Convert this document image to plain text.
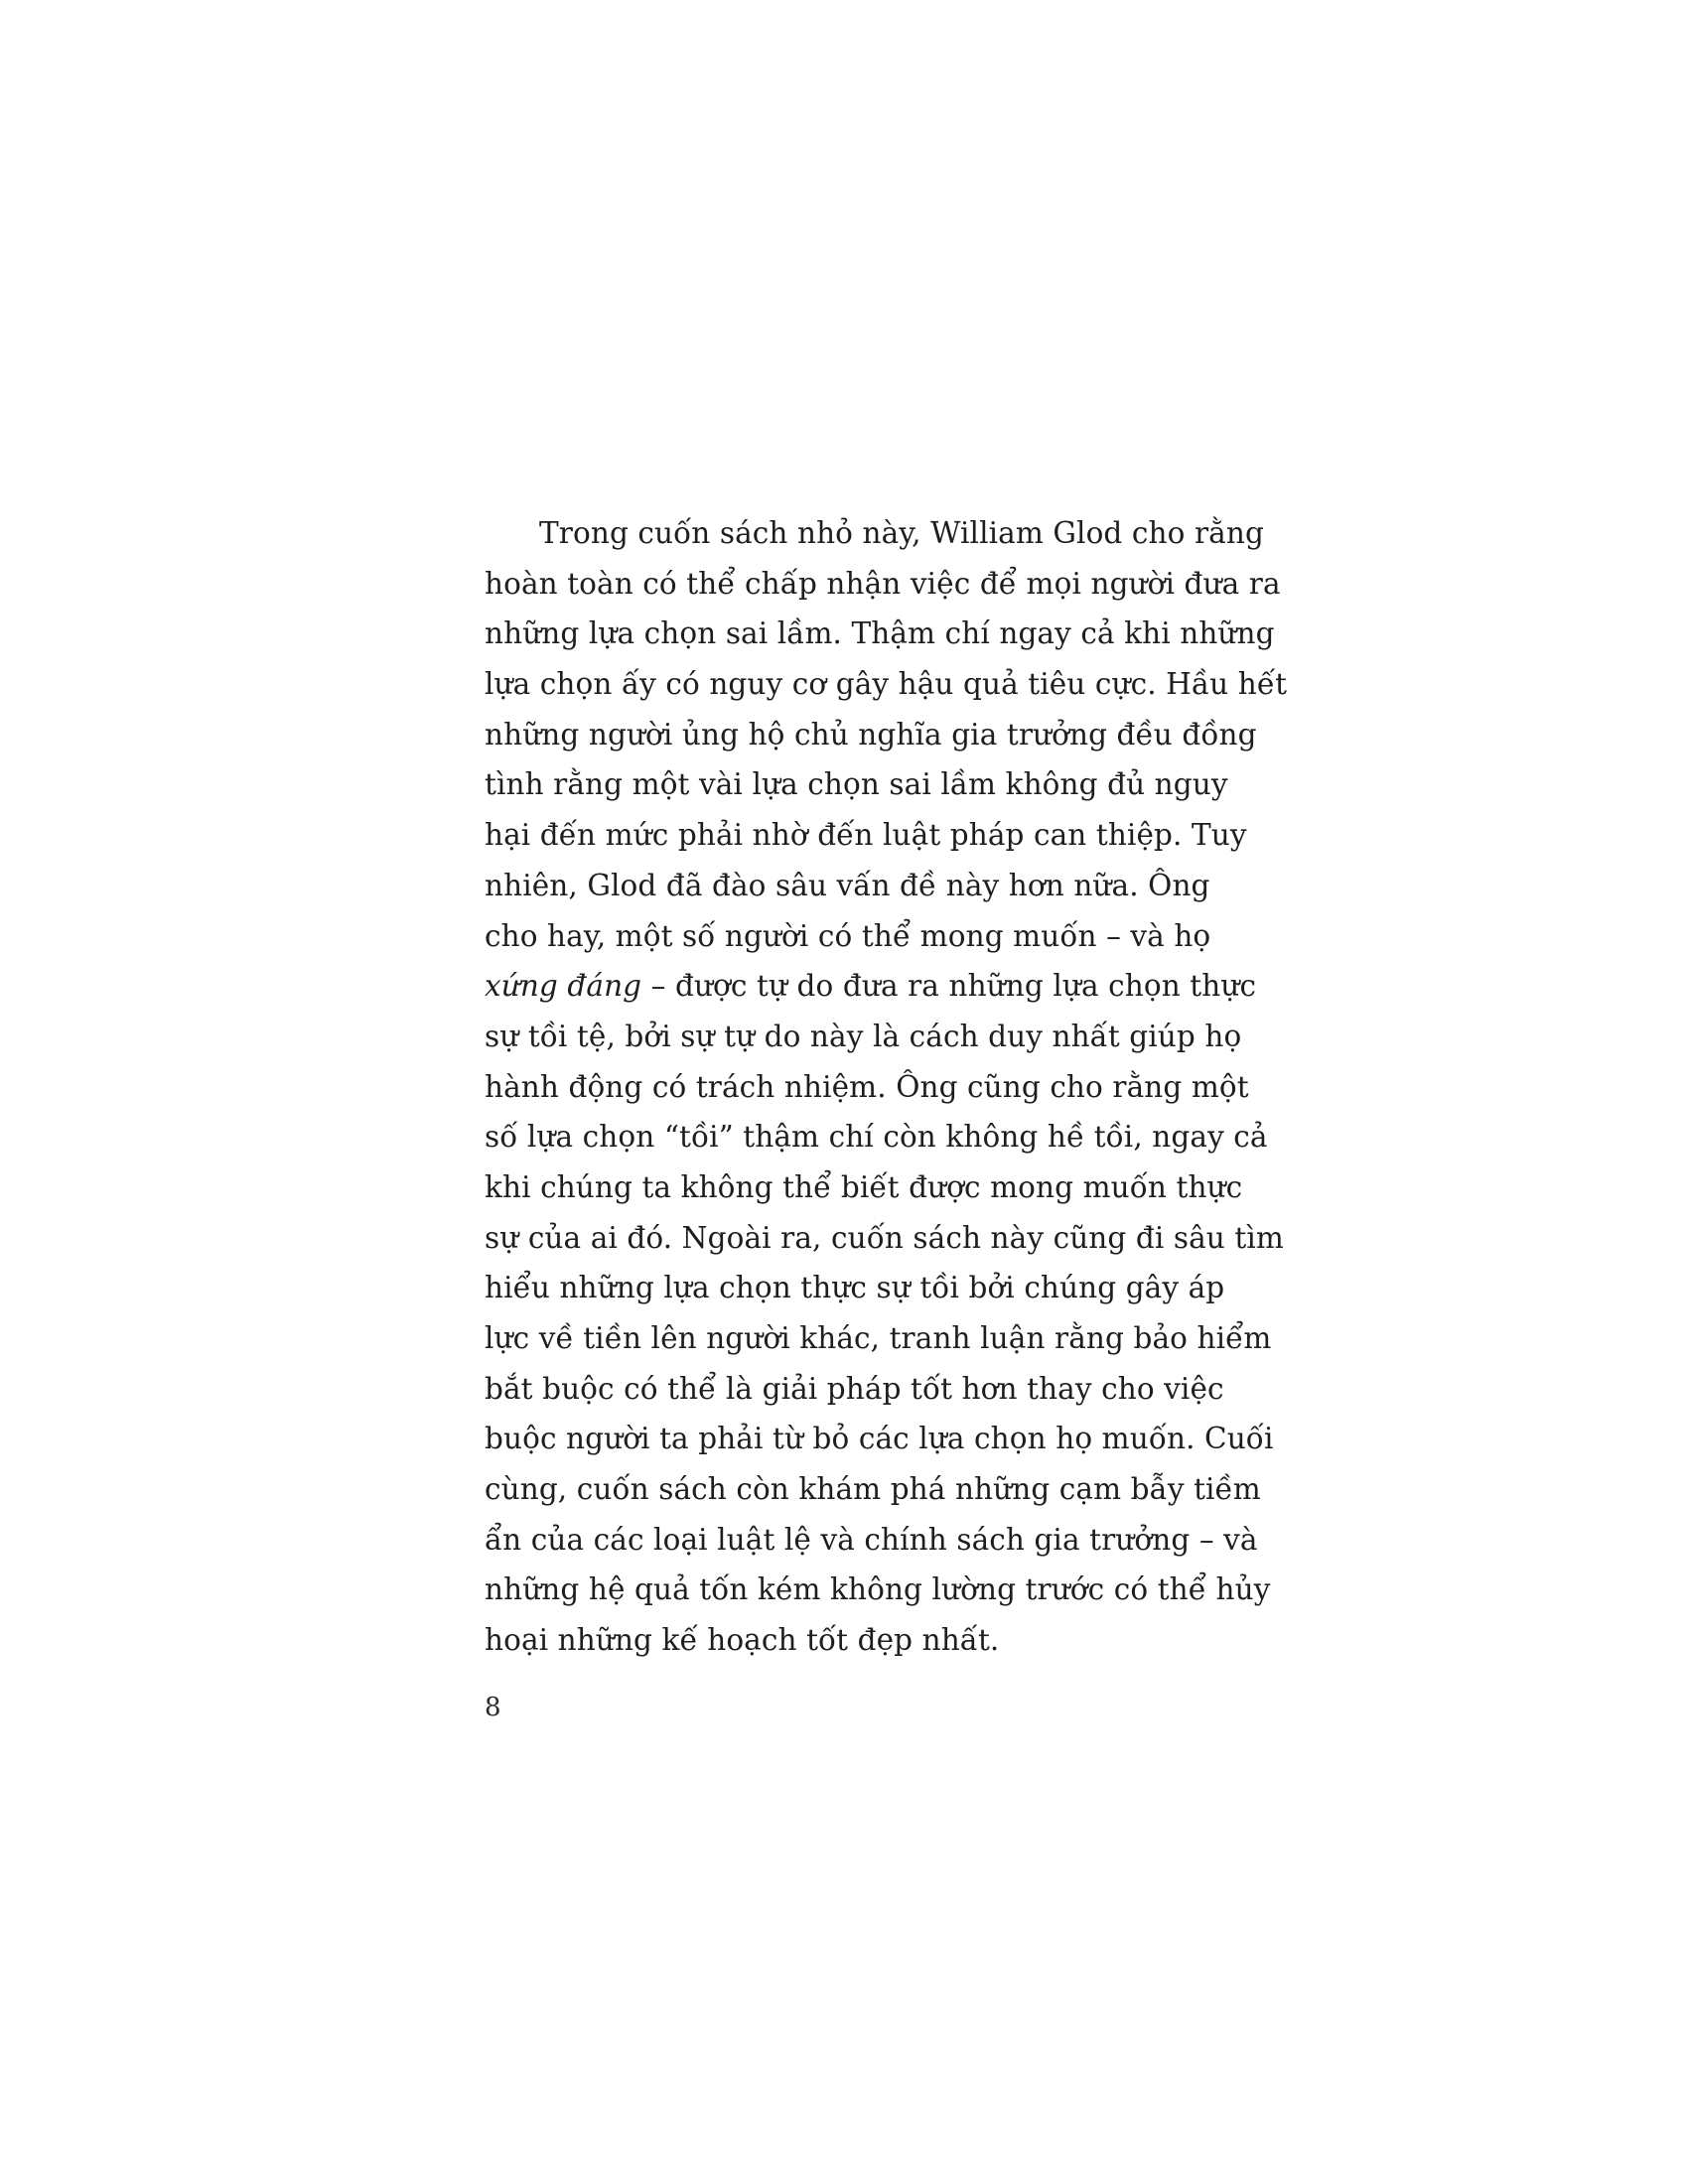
Trong cuốn sách nhỏ này, William Glod cho rằng
hoàn toàn có thể chấp nhận việc để mọi người đưa ra
những lựa chọn sai lầm. Thậm chí ngay cả khi những
lựa chọn ấy có nguy cơ gây hậu quả tiêu cực. Hầu hết
những người ủng hộ chủ nghĩa gia trưởng đều đồng
tình rằng một vài lựa chọn sai lầm không đủ nguy
hại đến mức phải nhờ đến luật pháp can thiệp. Tuy
nhiên, Glod đã đào sâu vấn đề này hơn nữa. Ông
cho hay, một số người có thể mong muốn – và họ
xứng đáng – được tự do đưa ra những lựa chọn thực
sự tồi tệ, bởi sự tự do này là cách duy nhất giúp họ
hành động có trách nhiệm. Ông cũng cho rằng một
số lựa chọn “tồi” thậm chí còn không hề tồi, ngay cả
khi chúng ta không thể biết được mong muốn thực
sự của ai đó. Ngoài ra, cuốn sách này cũng đi sâu tìm
hiểu những lựa chọn thực sự tồi bởi chúng gây áp
lực về tiền lên người khác, tranh luận rằng bảo hiểm
bắt buộc có thể là giải pháp tốt hơn thay cho việc
buộc người ta phải từ bỏ các lựa chọn họ muốn. Cuối
cùng, cuốn sách còn khám phá những cạm bẫy tiềm
ẩn của các loại luật lệ và chính sách gia trưởng – và
những hệ quả tốn kém không lường trước có thể hủy
hoại những kế hoạch tốt đẹp nhất.
8
